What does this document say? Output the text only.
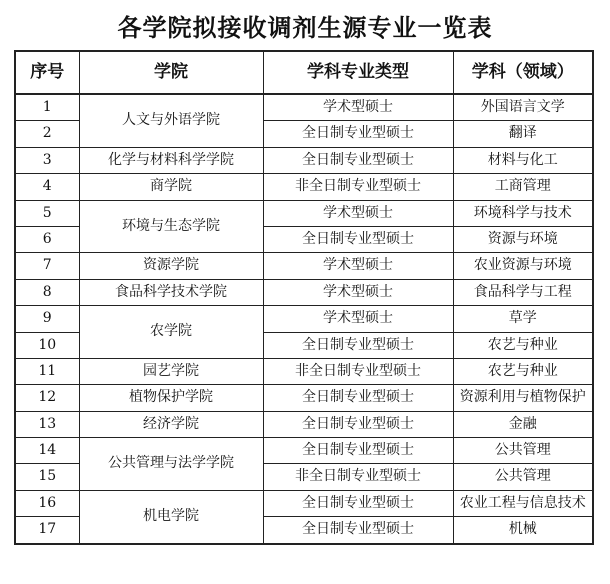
各学院拟接收调剂生源专业一览表
序号	学院	学科专业类型	学科（领域）
1	人文与外语学院	学术型硕士	外国语言文学
2		全日制专业型硕士	翻译
3	化学与材料科学学院	全日制专业型硕士	材料与化工
4	商学院	非全日制专业型硕士	工商管理
5	环境与生态学院	学术型硕士	环境科学与技术
6		全日制专业型硕士	资源与环境
7	资源学院	学术型硕士	农业资源与环境
8	食品科学技术学院	学术型硕士	食品科学与工程
9	农学院	学术型硕士	草学
10		全日制专业型硕士	农艺与种业
11	园艺学院	非全日制专业型硕士	农艺与种业
12	植物保护学院	全日制专业型硕士	资源利用与植物保护
13	经济学院	全日制专业型硕士	金融
14	公共管理与法学学院	全日制专业型硕士	公共管理
15		非全日制专业型硕士	公共管理
16	机电学院	全日制专业型硕士	农业工程与信息技术
17		全日制专业型硕士	机械
